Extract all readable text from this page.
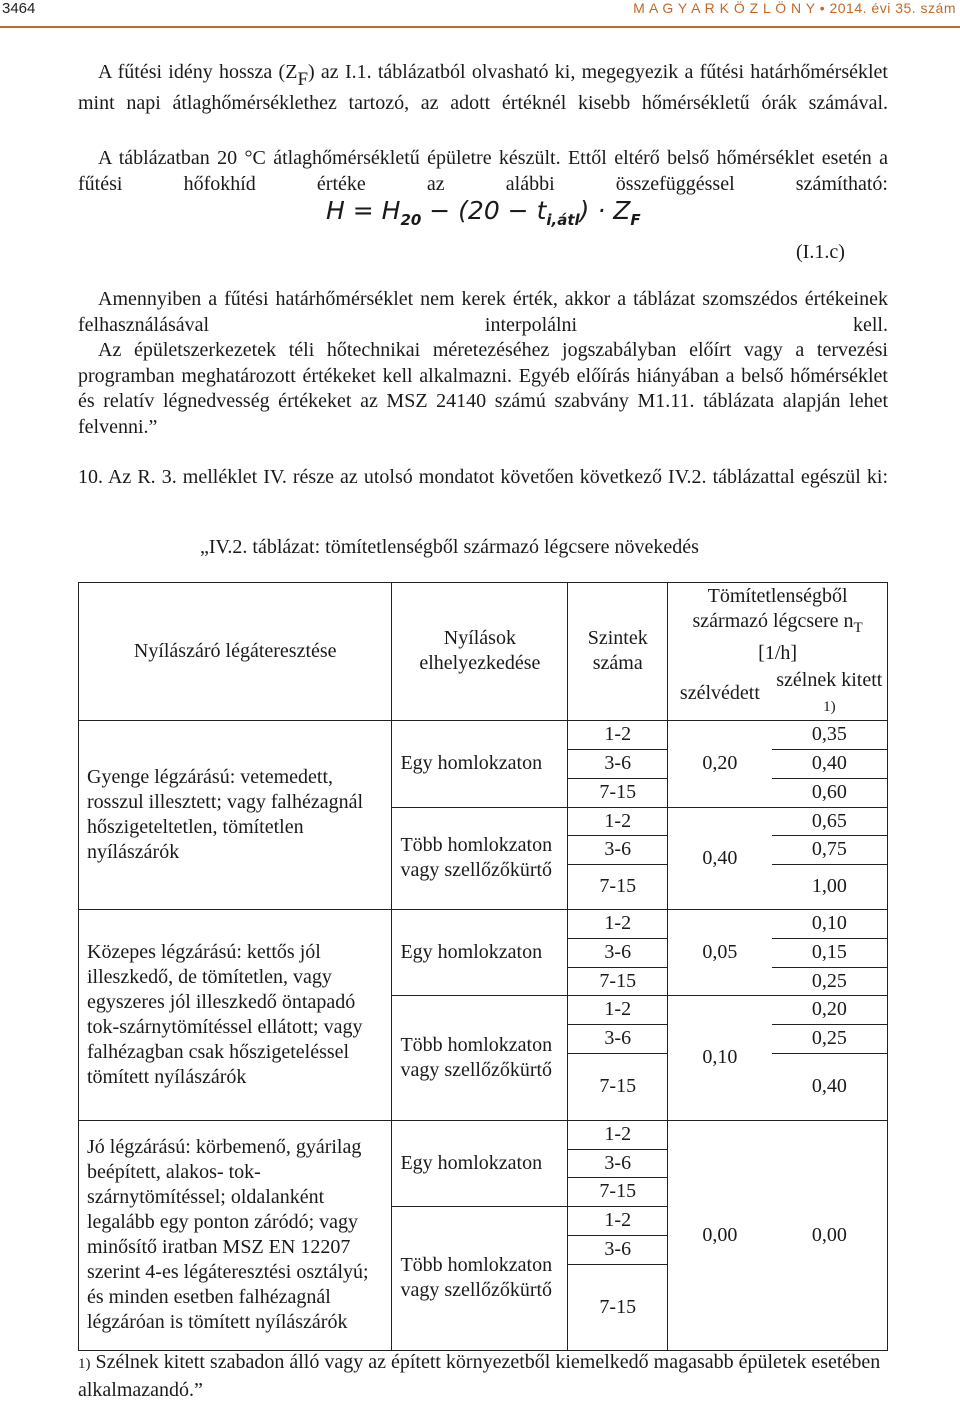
3464	M A G Y A R K Ö Z L Ö N Y • 2014. évi 35. szám

A fűtési idény hossza $(Z_F)$ az I.1. táblázatból olvasható ki, megegyezik a fűtési határhőmérséklet mint napi átlaghőmérséklethez tartozó, az adott értéknél kisebb hőmérsékletű órák számával.

A táblázatban 20 °C átlaghőmérsékletű épületre készült. Ettől eltérő belső hőmérséklet esetén a fűtési hőfokhíd értéke az alábbi összefüggéssel számítható:

$H = H_{20} - (20 - t_{i,átl}) \cdot Z_F$
(I.1.c)

Amennyiben a fűtési határhőmérséklet nem kerek érték, akkor a táblázat szomszédos értékeinek felhasználásával interpolálni kell.

Az épületszerkezetek téli hőtechnikai méretezéséhez jogszabályban előírt vagy a tervezési programban meghatározott értékeket kell alkalmazni. Egyéb előírás hiányában a belső hőmérséklet és relatív légnedvesség értékeket az MSZ 24140 számú szabvány M1.11. táblázata alapján lehet felvenni.”

10. Az R. 3. melléklet IV. része az utolsó mondatot követően következő IV.2. táblázattal egészül ki:

„IV.2. táblázat: tömítetlenségből származó légcsere növekedés
Nyílászáró légáteresztése	Nyílások elhelyezkedése	Szintek száma	Tömítetlenségből származó légcsere $n_T$
[1/h]	
			szélvédett	szélnek kitett 1)
Gyenge légzárású: vetemedett, rosszul illesztett; vagy falhézagnál hőszigeteltetlen, tömítetlen nyílászárók	Egy homlokzaton	1-2	0,20	0,35
		3-6		0,40
		7-15		0,60
	Több homlokzaton vagy szellőzőkürtő	1-2	0,40	0,65
		3-6		0,75
		7-15		1,00
Közepes légzárású: kettős jól illeszkedő, de tömítetlen, vagy egyszeres jól illeszkedő öntapadó tok-szárnytömítéssel ellátott; vagy falhézagban csak hőszigeteléssel tömített nyílászárók	Egy homlokzaton	1-2	0,05	0,10
		3-6		0,15
		7-15		0,25
	Több homlokzaton vagy szellőzőkürtő	1-2	0,10	0,20
		3-6		0,25
		7-15		0,40
Jó légzárású: körbemenő, gyárilag beépített, alakos- tok-szárnytömítéssel; oldalanként legalább egy ponton záródó; vagy minősítő iratban MSZ EN 12207 szerint 4-es légáteresztési osztályú; és minden esetben falhézagnál légzáróan is tömített nyílászárók	Egy homlokzaton	1-2	0,00	0,00
		3-6		
		7-15		
	Több homlokzaton vagy szellőzőkürtő	1-2		
		3-6		
		7-15		
1) Szélnek kitett szabadon álló vagy az épített környezetből kiemelkedő magasabb épületek esetében alkalmazandó.”
